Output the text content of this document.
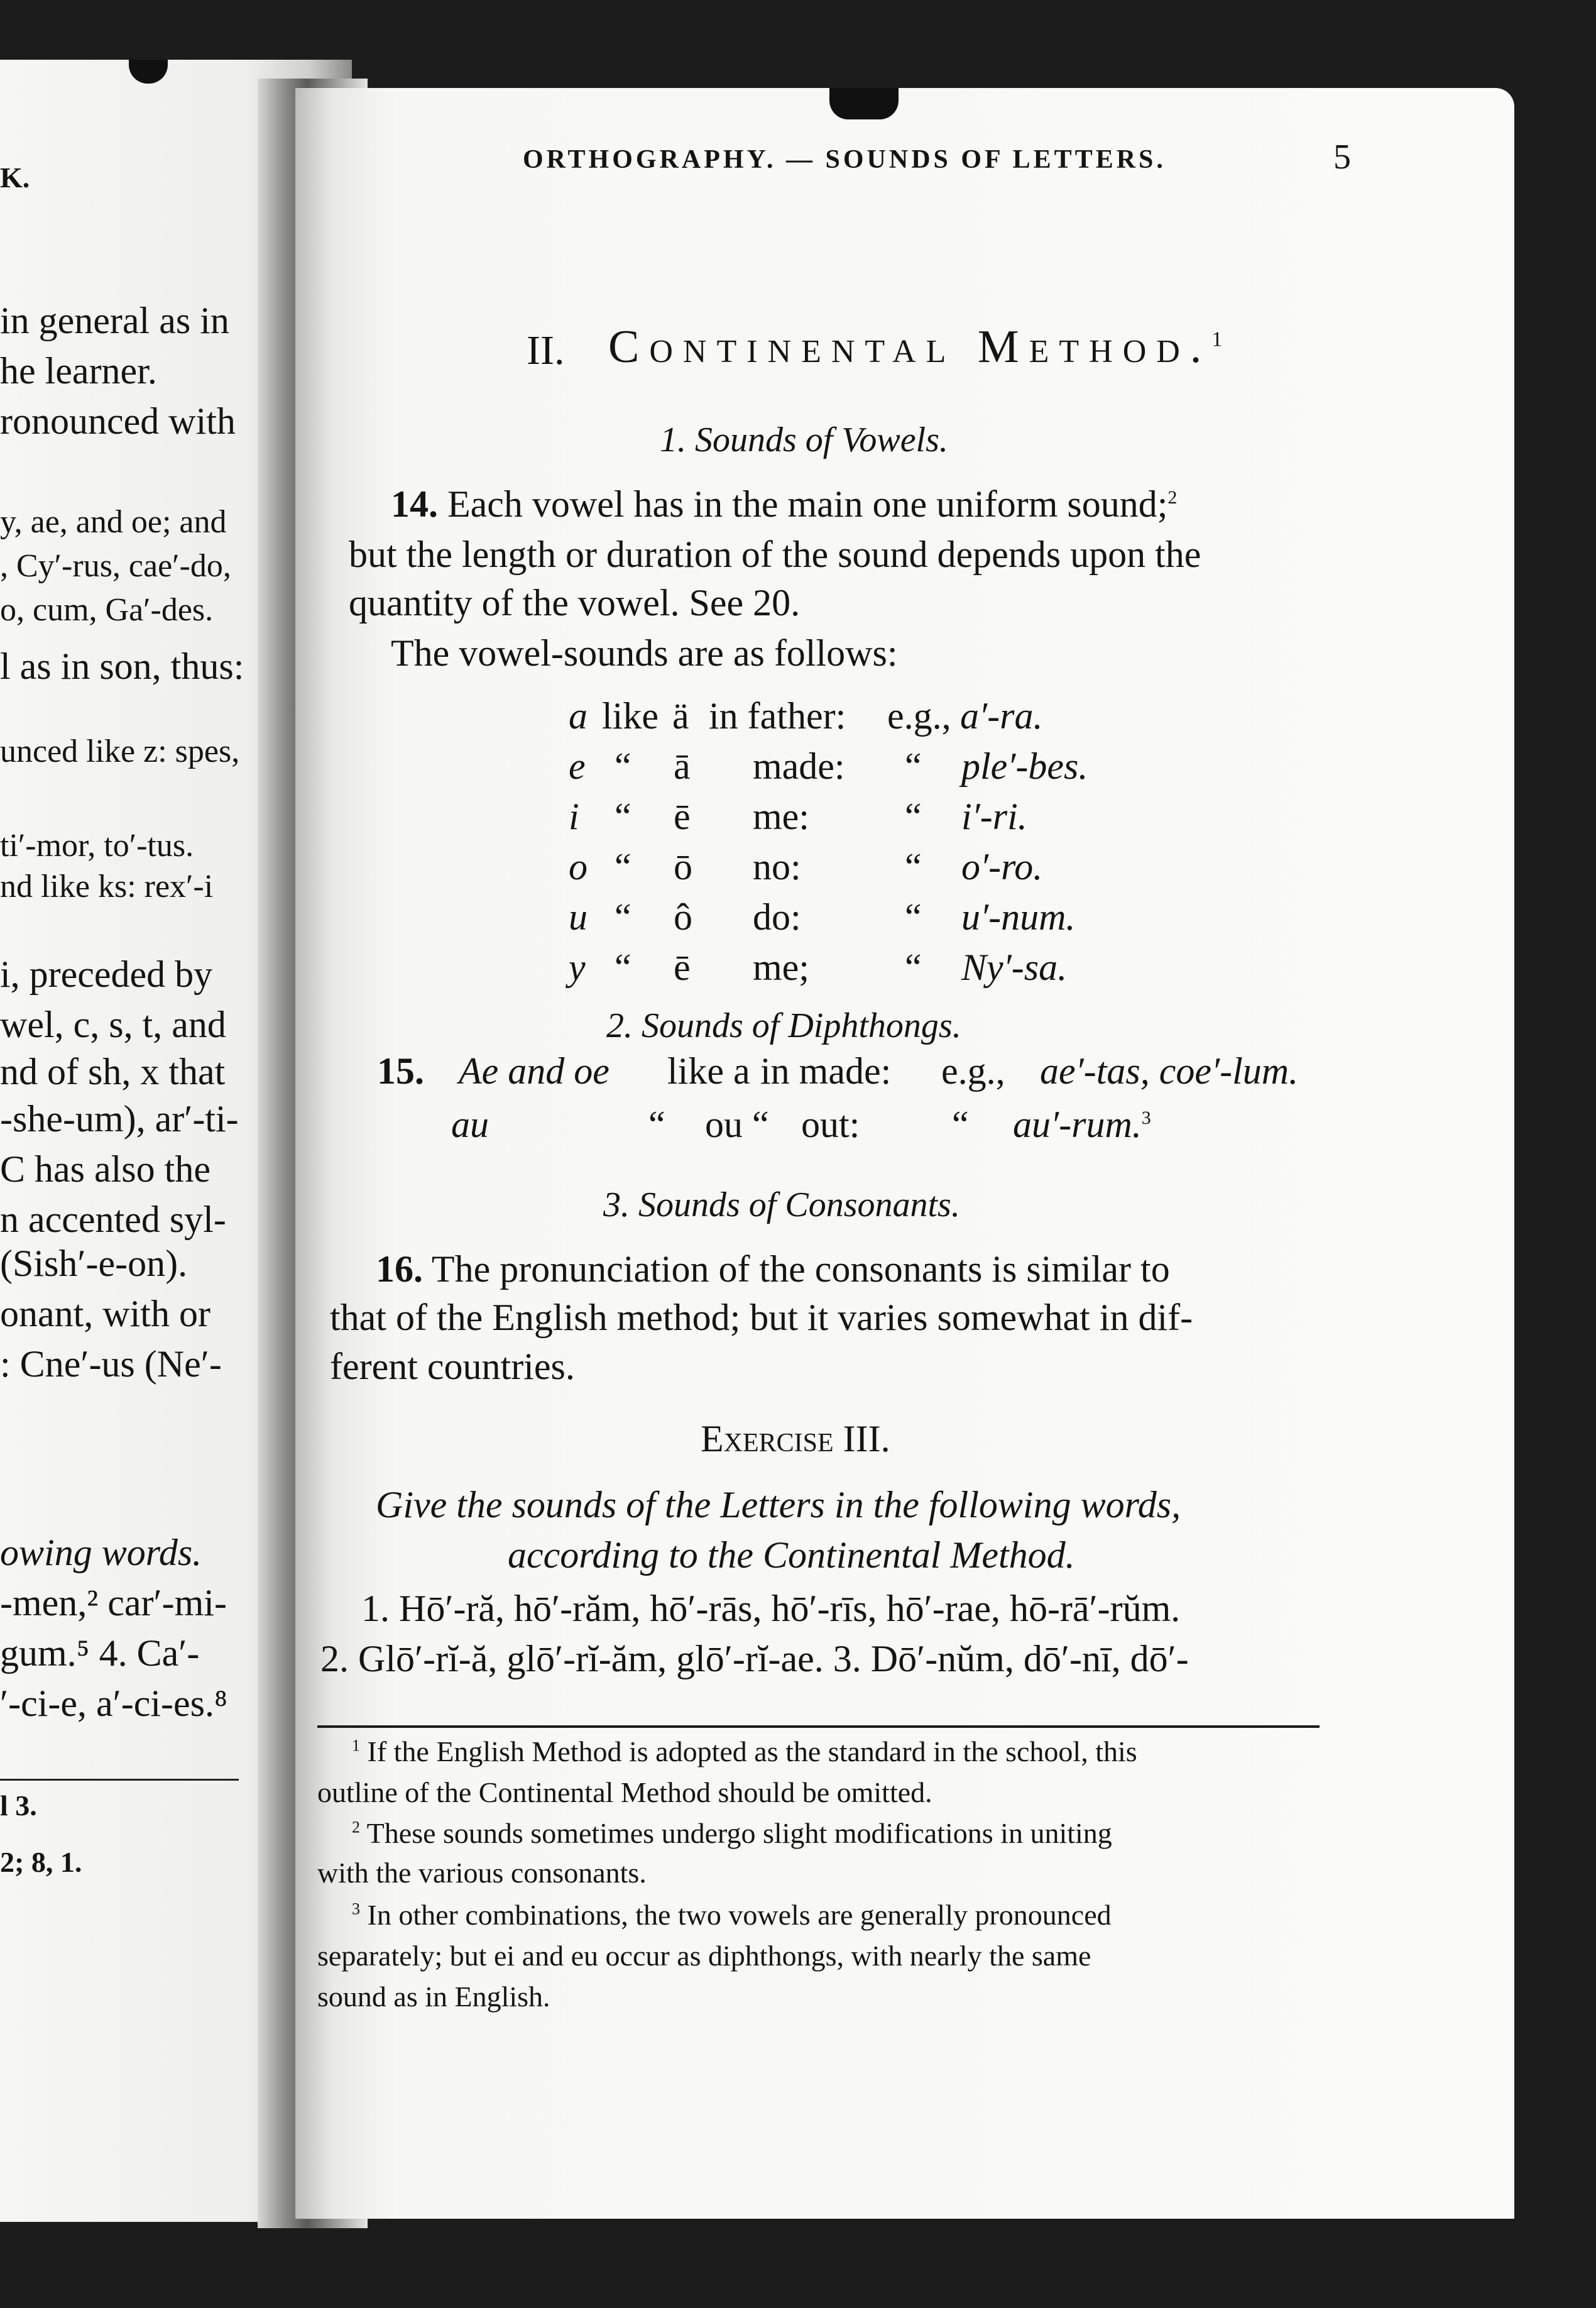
K.
in general as in
he learner.
ronounced with
y, ae, and oe; and
, Cy′-rus, cae′-do,
o, cum, Ga′-des.
l as in son, thus:
unced like z: spes,
ti′-mor, to′-tus.
nd like ks: rex′-i
i, preceded by
wel, c, s, t, and
nd of sh, x that
-she-um), ar′-ti-
C has also the
n accented syl-
(Sish′-e-on).
onant, with or
: Cne′-us (Ne′-
owing words.
-men,² car′-mi-
gum.⁵ 4. Ca′-
′-ci-e, a′-ci-es.⁸
l 3.
2; 8, 1.
ORTHOGRAPHY. — SOUNDS OF LETTERS.	5
II. Continental Method.$^1$
1. Sounds of Vowels.
14. Each vowel has in the main one uniform sound;$^2$
but the length or duration of the sound depends upon the
quantity of the vowel. See 20.
The vowel-sounds are as follows:
2. Sounds of Diphthongs.
15. Ae and oe like a in made: e.g., ae′-tas, coe′-lum.
au	“ ou “ out: “ au′-rum.$^3$
3. Sounds of Consonants.
16. The pronunciation of the consonants is similar to
that of the English method; but it varies somewhat in dif-
ferent countries.
Exercise III.
Give the sounds of the Letters in the following words,
according to the Continental Method.
1. Hō′-ră, hō′-răm, hō′-rās, hō′-rīs, hō′-rae, hō-rā′-rŭm.
2. Glō′-rĭ-ă, glō′-rĭ-ăm, glō′-rĭ-ae. 3. Dō′-nŭm, dō′-nī, dō′-
$^1$ If the English Method is adopted as the standard in the school, this
outline of the Continental Method should be omitted.
$^2$ These sounds sometimes undergo slight modifications in uniting
with the various consonants.
$^3$ In other combinations, the two vowels are generally pronounced
separately; but ei and eu occur as diphthongs, with nearly the same
sound as in English.
a like ä in father: e.g., a′-ra.
e “ ā made: “ ple′-bes.
i “ ē me:	“ i′-ri.
o “ ō no:	“ o′-ro.
u “ ô do:	“ u′-num.
y “ ē me;	“ Ny′-sa.
